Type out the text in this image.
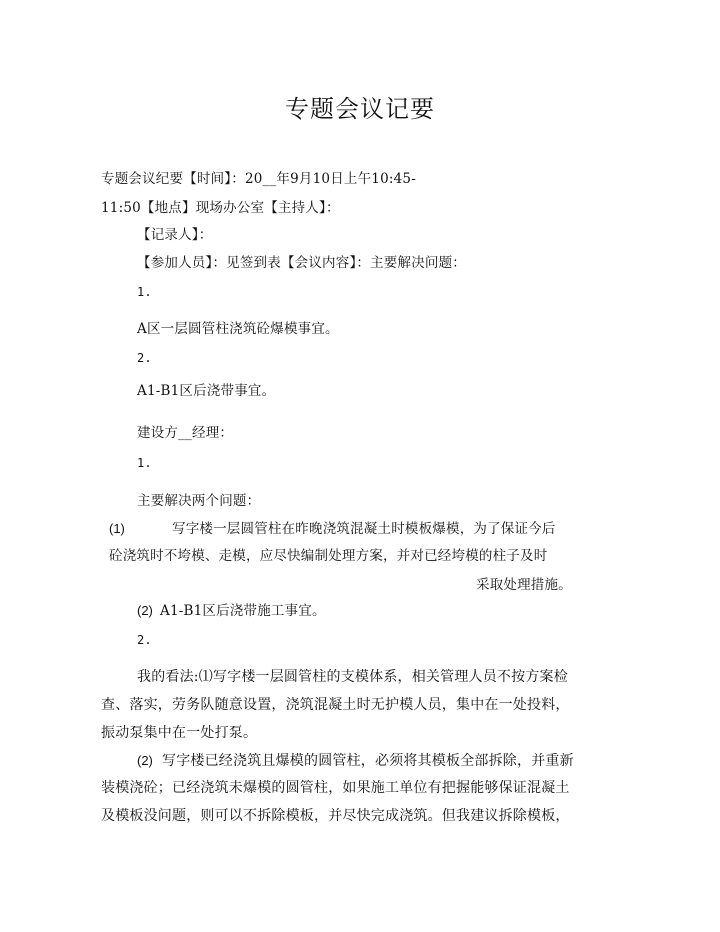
专题会议记要
专题会议纪要【时间】：20__年9月10日上午10:45-
11:50【地点】现场办公室【主持人】：
【记录人】：
【参加人员】：见签到表【会议内容】：主要解决问题：
1.
A区一层圆管柱浇筑砼爆模事宜。
2.
A1-B1区后浇带事宜。
建设方__经理：
1.
主要解决两个问题：
(1)	写字楼一层圆管柱在昨晚浇筑混凝土时模板爆模，为了保证今后
砼浇筑时不垮模、走模，应尽快编制处理方案，并对已经垮模的柱子及时
采取处理措施。
(2) A1-B1区后浇带施工事宜。
2.
我的看法:⑴写字楼一层圆管柱的支模体系，相关管理人员不按方案检
查、落实，劳务队随意设置，浇筑混凝土时无护模人员，集中在一处投料，
振动泵集中在一处打泵。
(2) 写字楼已经浇筑且爆模的圆管柱，必须将其模板全部拆除，并重新
装模浇砼；已经浇筑未爆模的圆管柱，如果施工单位有把握能够保证混凝土
及模板没问题，则可以不拆除模板，并尽快完成浇筑。但我建议拆除模板，
